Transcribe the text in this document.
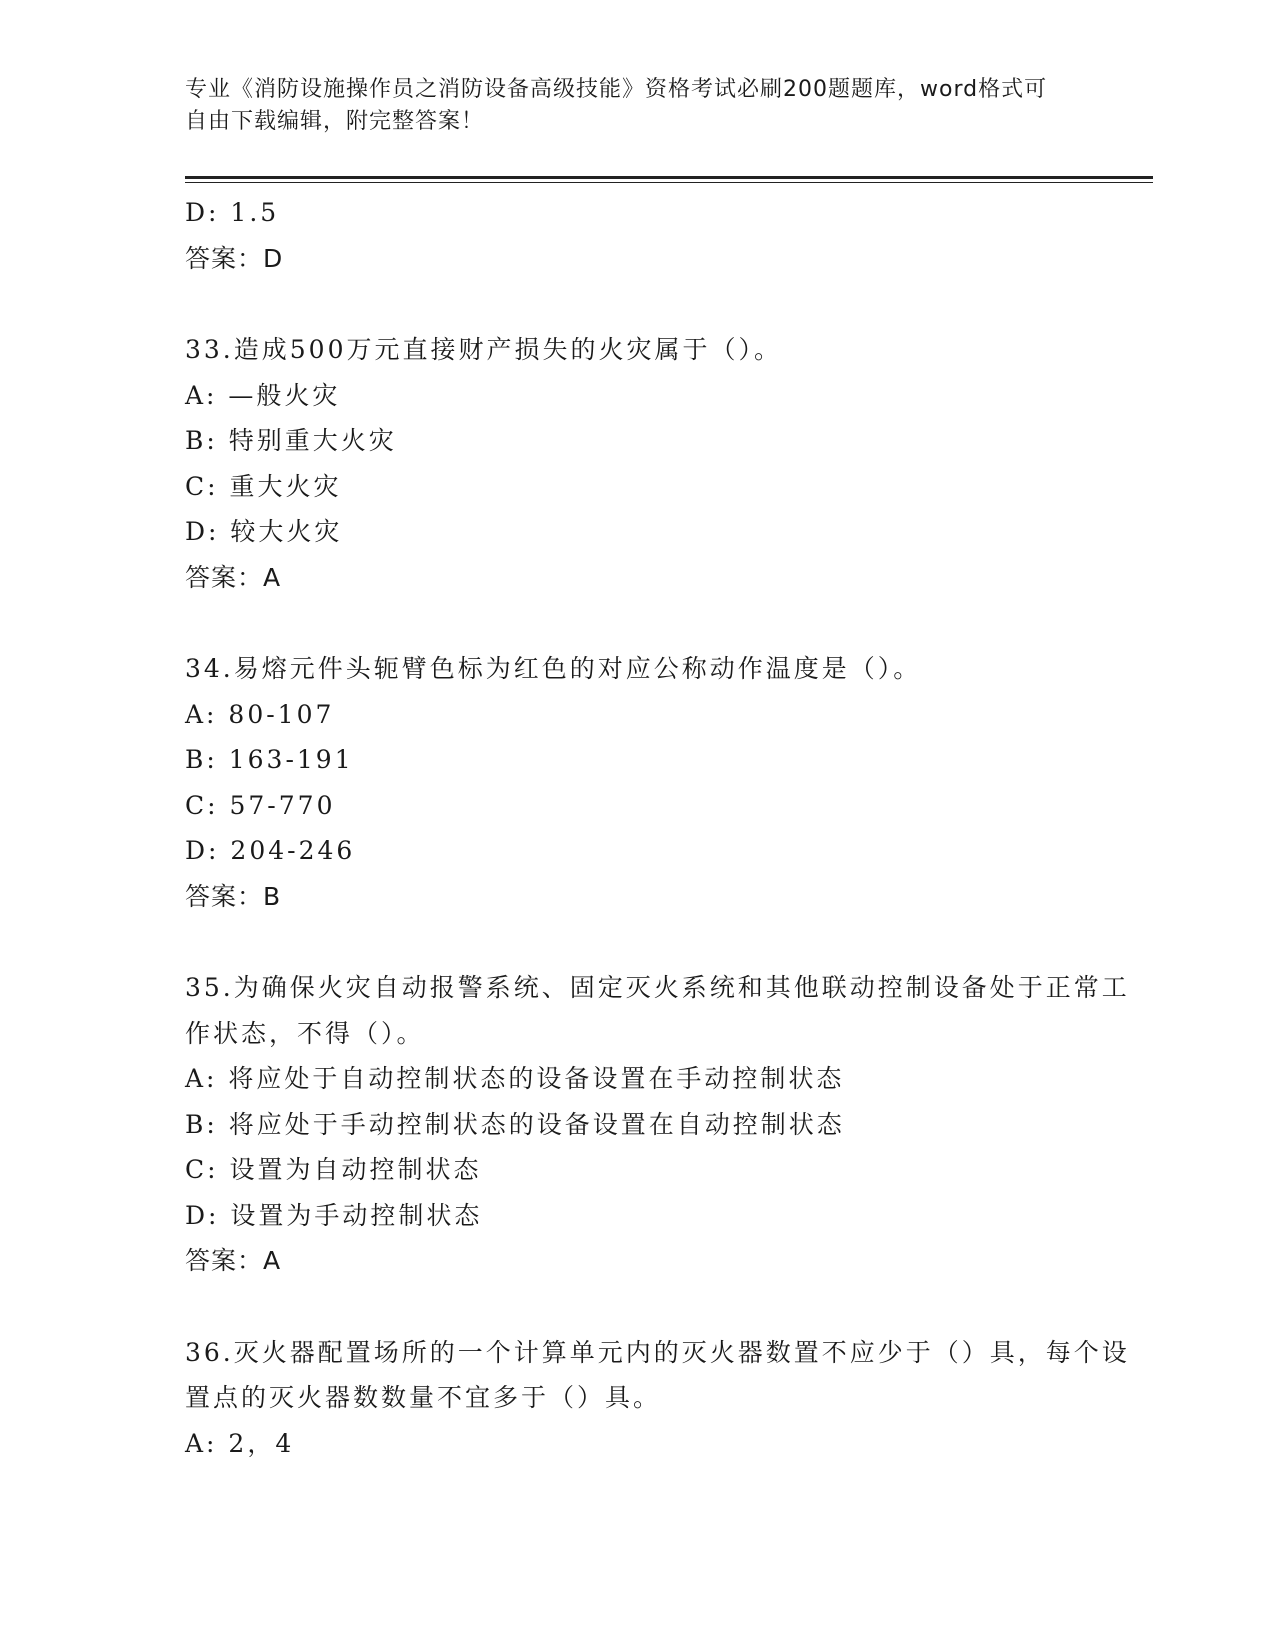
专业《消防设施操作员之消防设备高级技能》资格考试必刷200题题库，word格式可自由下载编辑，附完整答案！

D: 1.5

答案：D

33.造成500万元直接财产损失的火灾属于（）。

A: —般火灾

B: 特别重大火灾

C: 重大火灾

D: 较大火灾

答案：A

34.易熔元件头轭臂色标为红色的对应公称动作温度是（）。

A: 80-107

B: 163-191

C: 57-770

D: 204-246

答案：B

35.为确保火灾自动报警系统、固定灭火系统和其他联动控制设备处于正常工作状态，不得（）。

A: 将应处于自动控制状态的设备设置在手动控制状态

B: 将应处于手动控制状态的设备设置在自动控制状态

C: 设置为自动控制状态

D: 设置为手动控制状态

答案：A

36.灭火器配置场所的一个计算单元内的灭火器数置不应少于（）具，每个设置点的灭火器数数量不宜多于（）具。

A: 2，4
